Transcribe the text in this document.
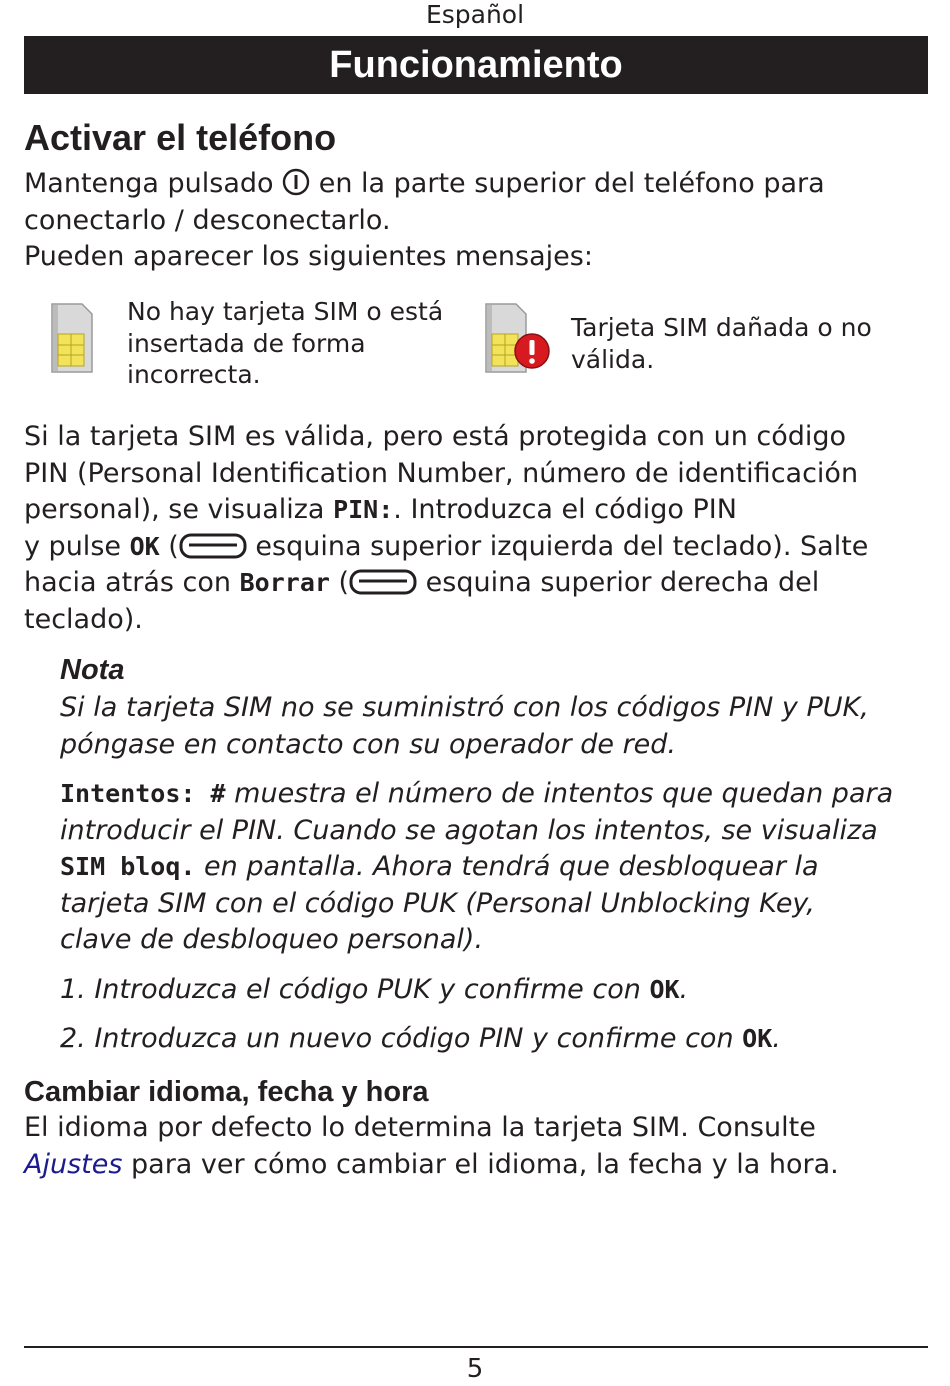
Español
Funcionamiento
Activar el teléfono
Mantenga pulsado  en la parte superior del teléfono para
conectarlo / desconectarlo.
Pueden aparecer los siguientes mensajes:
No hay tarjeta SIM o está insertada de forma incorrecta.
Tarjeta SIM dañada o no válida.
Si la tarjeta SIM es válida, pero está protegida con un código
PIN (Personal Identification Number, número de identificación
personal), se visualiza PIN:. Introduzca el código PIN
y pulse OK (	esquina superior izquierda del teclado). Salte
hacia atrás con Borrar (	esquina superior derecha del
teclado).
Nota
Si la tarjeta SIM no se suministró con los códigos PIN y PUK,
póngase en contacto con su operador de red.
Intentos: # muestra el número de intentos que quedan para
introducir el PIN. Cuando se agotan los intentos, se visualiza
SIM bloq. en pantalla. Ahora tendrá que desbloquear la
tarjeta SIM con el código PUK (Personal Unblocking Key,
clave de desbloqueo personal).
1. Introduzca el código PUK y confirme con OK.
2. Introduzca un nuevo código PIN y confirme con OK.
Cambiar idioma, fecha y hora
El idioma por defecto lo determina la tarjeta SIM. Consulte
Ajustes para ver cómo cambiar el idioma, la fecha y la hora.
5
